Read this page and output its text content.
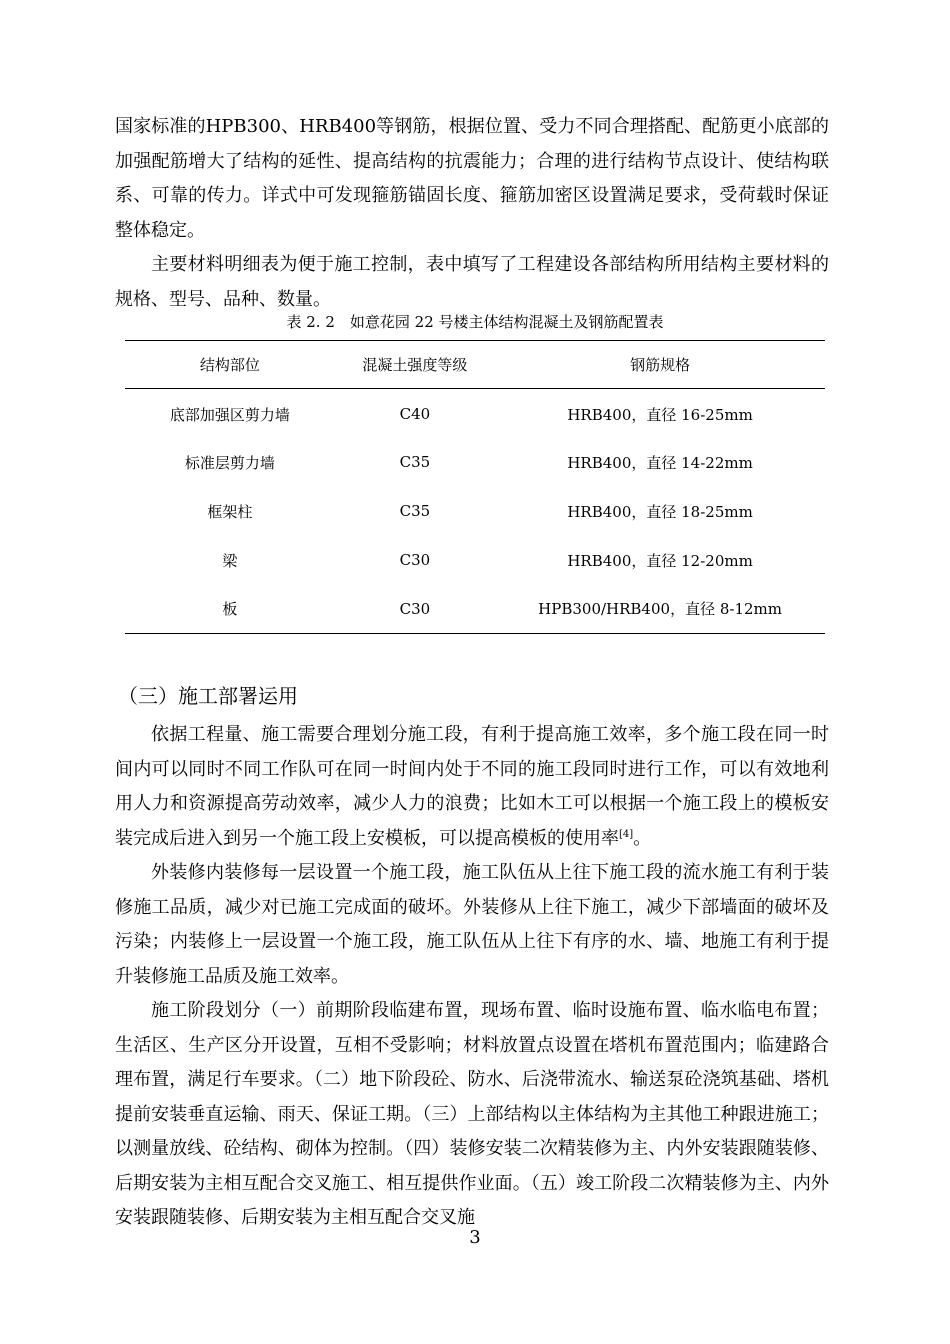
国家标准的HPB300、HRB400等钢筋，根据位置、受力不同合理搭配、配筋更小底部的加强配筋增大了结构的延性、提高结构的抗震能力；合理的进行结构节点设计、使结构联系、可靠的传力。详式中可发现箍筋锚固长度、箍筋加密区设置满足要求，受荷载时保证整体稳定。

主要材料明细表为便于施工控制，表中填写了工程建设各部结构所用结构主要材料的规格、型号、品种、数量。

表 2. 2　如意花园 22 号楼主体结构混凝土及钢筋配置表
结构部位	混凝土强度等级	钢筋规格
底部加强区剪力墙	C40	HRB400，直径 16-25mm
标准层剪力墙	C35	HRB400，直径 14-22mm
框架柱	C35	HRB400，直径 18-25mm
梁	C30	HRB400，直径 12-20mm
板	C30	HPB300/HRB400，直径 8-12mm
（三）施工部署运用

依据工程量、施工需要合理划分施工段，有利于提高施工效率，多个施工段在同一时间内可以同时不同工作队可在同一时间内处于不同的施工段同时进行工作，可以有效地利用人力和资源提高劳动效率，减少人力的浪费；比如木工可以根据一个施工段上的模板安装完成后进入到另一个施工段上安模板，可以提高模板的使用率[4]。

外装修内装修每一层设置一个施工段，施工队伍从上往下施工段的流水施工有利于装修施工品质，减少对已施工完成面的破坏。外装修从上往下施工，减少下部墙面的破坏及污染；内装修上一层设置一个施工段，施工队伍从上往下有序的水、墙、地施工有利于提升装修施工品质及施工效率。

施工阶段划分（一）前期阶段临建布置，现场布置、临时设施布置、临水临电布置；生活区、生产区分开设置，互相不受影响；材料放置点设置在塔机布置范围内；临建路合理布置，满足行车要求。（二）地下阶段砼、防水、后浇带流水、输送泵砼浇筑基础、塔机提前安装垂直运输、雨天、保证工期。（三）上部结构以主体结构为主其他工种跟进施工；以测量放线、砼结构、砌体为控制。（四）装修安装二次精装修为主、内外安装跟随装修、后期安装为主相互配合交叉施工、相互提供作业面。（五）竣工阶段二次精装修为主、内外安装跟随装修、后期安装为主相互配合交叉施

3
